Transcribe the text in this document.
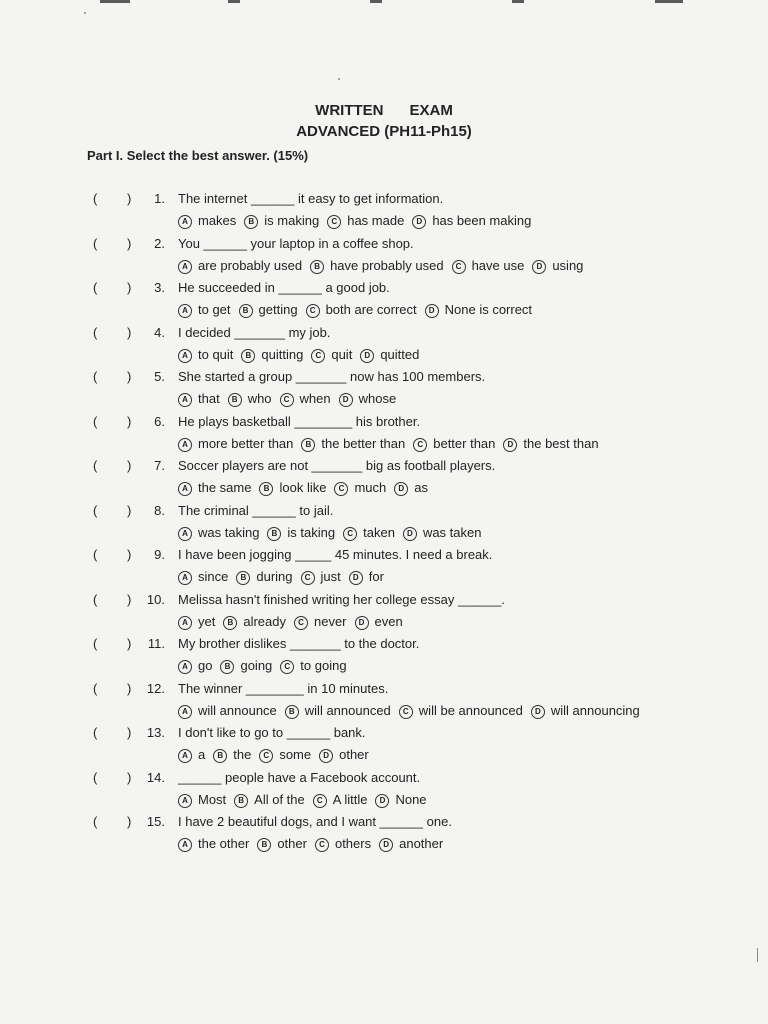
WRITTEN EXAM
ADVANCED (PH11-Ph15)
Part I. Select the best answer. (15%)
( )	1. The internet ______ it easy to get information.
A makes B is making C has made D has been making
( )	2. You ______ your laptop in a coffee shop.
A are probably used B have probably used C have use D using
( )	3. He succeeded in ______ a good job.
A to get B getting C both are correct D None is correct
( )	4. I decided _______ my job.
A to quit B quitting C quit D quitted
( )	5. She started a group _______ now has 100 members.
A that B who C when D whose
( )	6. He plays basketball ________ his brother.
A more better than B the better than C better than D the best than
( )	7. Soccer players are not _______ big as football players.
A the same B look like C much D as
( )	8. The criminal ______ to jail.
A was taking B is taking C taken D was taken
( )	9. I have been jogging _____ 45 minutes. I need a break.
A since B during C just D for
( )	10. Melissa hasn't finished writing her college essay ______.
A yet B already C never D even
( )	11. My brother dislikes _______ to the doctor.
A go B going C to going
( )	12. The winner ________ in 10 minutes.
A will announce B will announced C will be announced D will announcing
( )	13. I don't like to go to ______ bank.
A a B the C some D other
( )	14. ______ people have a Facebook account.
A Most B All of the C A little D None
( )	15. I have 2 beautiful dogs, and I want ______ one.
A the other B other C others D another
